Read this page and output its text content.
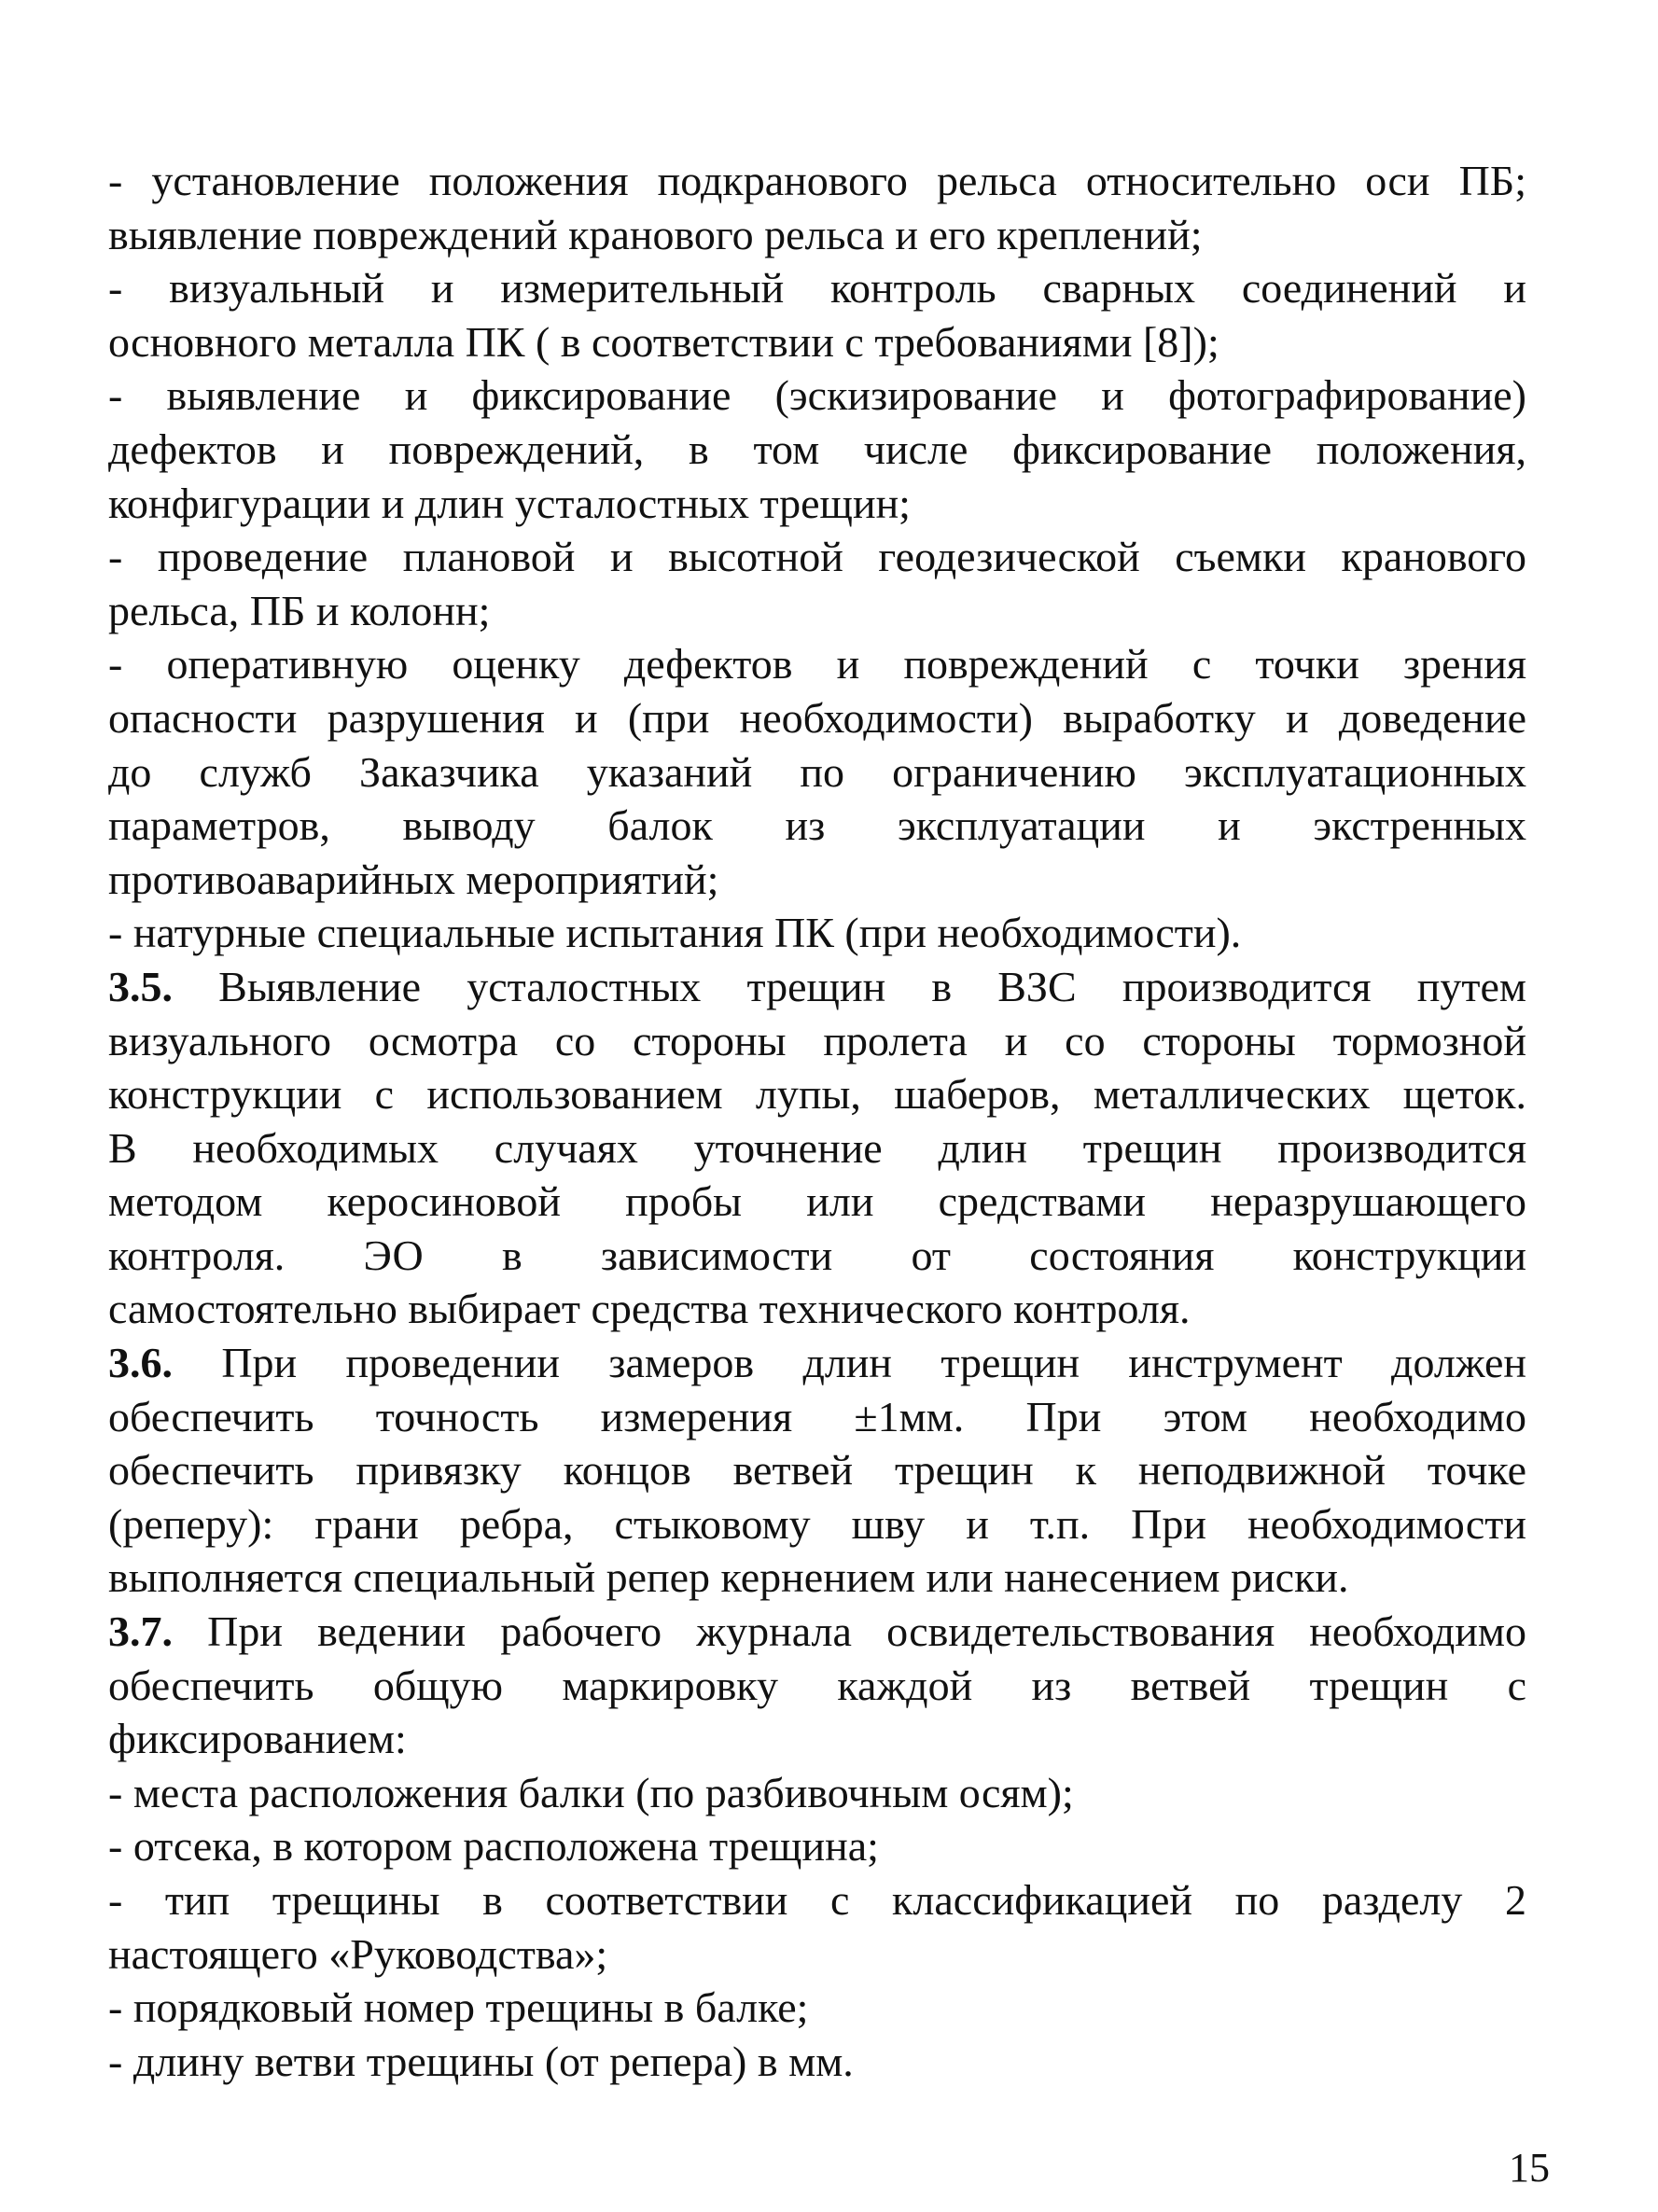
- установление положения подкранового рельса относительно оси ПБ;
выявление повреждений кранового рельса и его креплений;
- визуальный и измерительный контроль сварных соединений и
основного металла ПК ( в соответствии с требованиями [8]);
- выявление и фиксирование (эскизирование и фотографирование)
дефектов и повреждений, в том числе фиксирование положения,
конфигурации и длин усталостных трещин;
- проведение плановой и высотной геодезической съемки кранового
рельса, ПБ и колонн;
- оперативную оценку дефектов и повреждений с точки зрения
опасности разрушения и (при необходимости) выработку и доведение
до служб Заказчика указаний по ограничению эксплуатационных
параметров, выводу балок из эксплуатации и экстренных
противоаварийных мероприятий;
- натурные специальные испытания ПК (при необходимости).
3.5. Выявление усталостных трещин в ВЗС производится путем
визуального осмотра со стороны пролета и со стороны тормозной
конструкции с использованием лупы, шаберов, металлических щеток.
В необходимых случаях уточнение длин трещин производится
методом керосиновой пробы или средствами неразрушающего
контроля. ЭО в зависимости от состояния конструкции
самостоятельно выбирает средства технического контроля.
3.6. При проведении замеров длин трещин инструмент должен
обеспечить точность измерения ±1мм. При этом необходимо
обеспечить привязку концов ветвей трещин к неподвижной точке
(реперу): грани ребра, стыковому шву и т.п. При необходимости
выполняется специальный репер кернением или нанесением риски.
3.7. При ведении рабочего журнала освидетельствования необходимо
обеспечить общую маркировку каждой из ветвей трещин с
фиксированием:
- места расположения балки (по разбивочным осям);
- отсека, в котором расположена трещина;
- тип трещины в соответствии с классификацией по разделу 2
настоящего «Руководства»;
- порядковый номер трещины в балке;
- длину ветви трещины (от репера) в мм.
15
